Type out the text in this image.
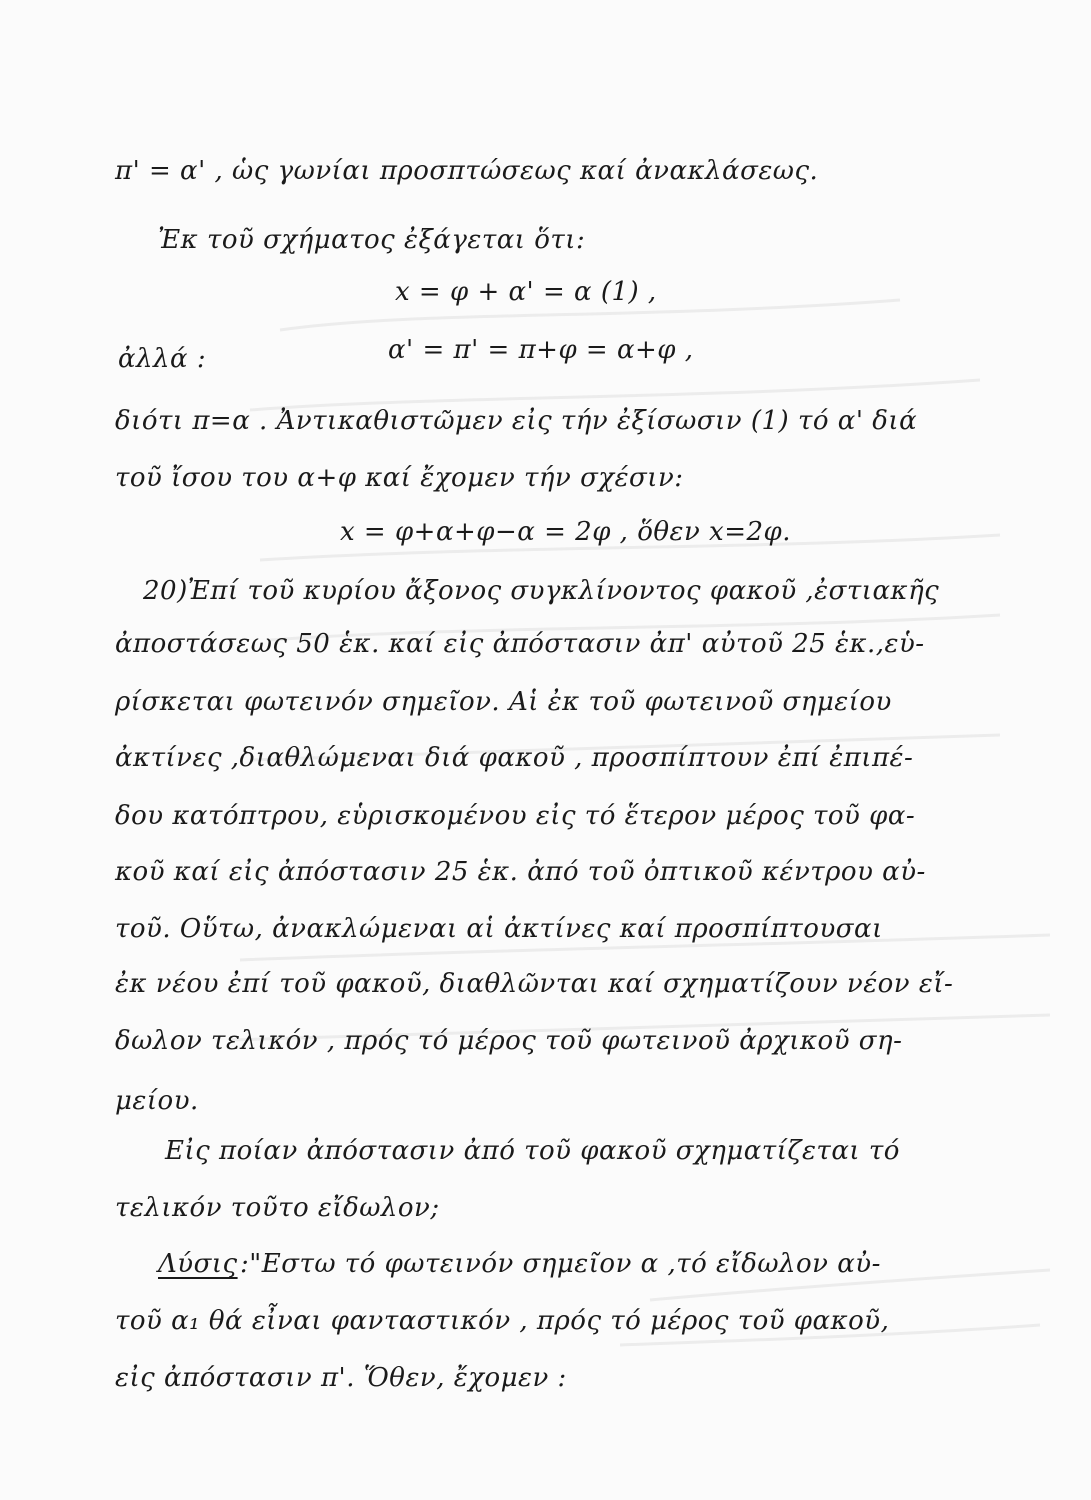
π' = α' , ὡς γωνίαι προσπτώσεως καί ἀνακλάσεως.
Ἐκ τοῦ σχήματος ἐξάγεται ὅτι:
x = φ + α' = α (1) ,
ἀλλά :	α' = π' = π+φ = α+φ ,
διότι π=α . Ἀντικαθιστῶμεν εἰς τήν ἐξίσωσιν (1) τό α' διά
τοῦ ἴσου του α+φ καί ἔχομεν τήν σχέσιν:
x = φ+α+φ−α = 2φ , ὅθεν x=2φ.
20)Ἐπί τοῦ κυρίου ἄξονος συγκλίνοντος φακοῦ ,ἐστιακῆς
ἀποστάσεως 50 ἑκ. καί εἰς ἀπόστασιν ἀπ' αὐτοῦ 25 ἑκ.,εὑ-
ρίσκεται φωτεινόν σημεῖον. Αἱ ἐκ τοῦ φωτεινοῦ σημείου
ἀκτίνες ,διαθλώμεναι διά φακοῦ , προσπίπτουν ἐπί ἐπιπέ-
δου κατόπτρου, εὑρισκομένου εἰς τό ἕτερον μέρος τοῦ φα-
κοῦ καί εἰς ἀπόστασιν 25 ἑκ. ἀπό τοῦ ὀπτικοῦ κέντρου αὐ-
τοῦ. Οὕτω, ἀνακλώμεναι αἱ ἀκτίνες καί προσπίπτουσαι
ἐκ νέου ἐπί τοῦ φακοῦ, διαθλῶνται καί σχηματίζουν νέον εἴ-
δωλον τελικόν , πρός τό μέρος τοῦ φωτεινοῦ ἀρχικοῦ ση-
μείου.
Εἰς ποίαν ἀπόστασιν ἀπό τοῦ φακοῦ σχηματίζεται τό
τελικόν τοῦτο εἴδωλον;
Λύσις :"Εστω τό φωτεινόν σημεῖον α ,τό εἴδωλον αὐ-
τοῦ α₁ θά εἶναι φανταστικόν , πρός τό μέρος τοῦ φακοῦ,
εἰς ἀπόστασιν π'. Ὅθεν, ἔχομεν :
